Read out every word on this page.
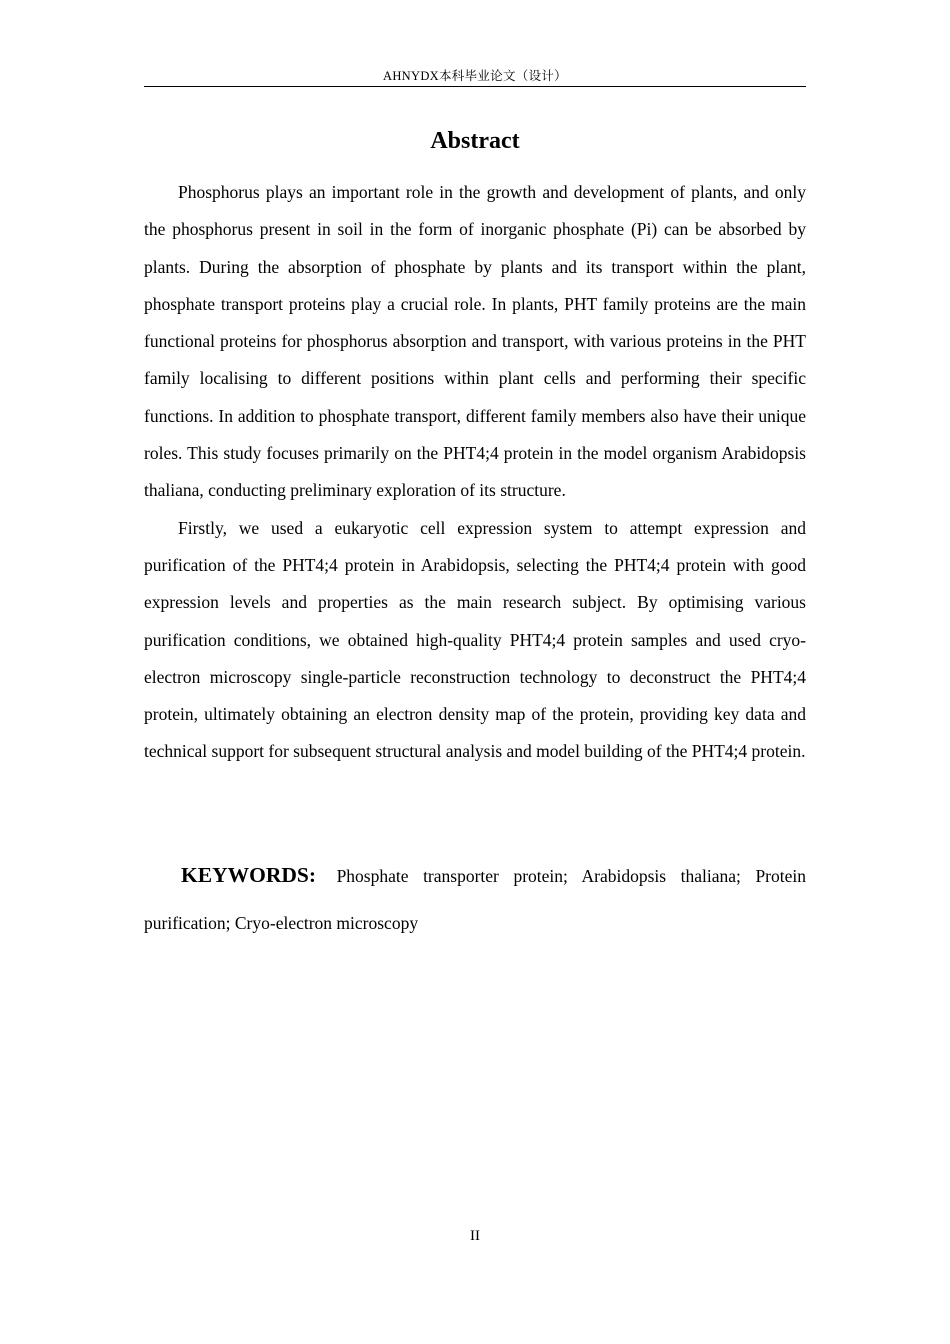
AHNYDX本科毕业论文（设计）
Abstract

Phosphorus plays an important role in the growth and development of plants, and only the phosphorus present in soil in the form of inorganic phosphate (Pi) can be absorbed by plants. During the absorption of phosphate by plants and its transport within the plant, phosphate transport proteins play a crucial role. In plants, PHT family proteins are the main functional proteins for phosphorus absorption and transport, with various proteins in the PHT family localising to different positions within plant cells and performing their specific functions. In addition to phosphate transport, different family members also have their unique roles. This study focuses primarily on the PHT4;4 protein in the model organism Arabidopsis thaliana, conducting preliminary exploration of its structure.

Firstly, we used a eukaryotic cell expression system to attempt expression and purification of the PHT4;4 protein in Arabidopsis, selecting the PHT4;4 protein with good expression levels and properties as the main research subject. By optimising various purification conditions, we obtained high-quality PHT4;4 protein samples and used cryo-electron microscopy single-particle reconstruction technology to deconstruct the PHT4;4 protein, ultimately obtaining an electron density map of the protein, providing key data and technical support for subsequent structural analysis and model building of the PHT4;4 protein.

KEYWORDS: Phosphate transporter protein; Arabidopsis thaliana; Protein purification; Cryo-electron microscopy

II
